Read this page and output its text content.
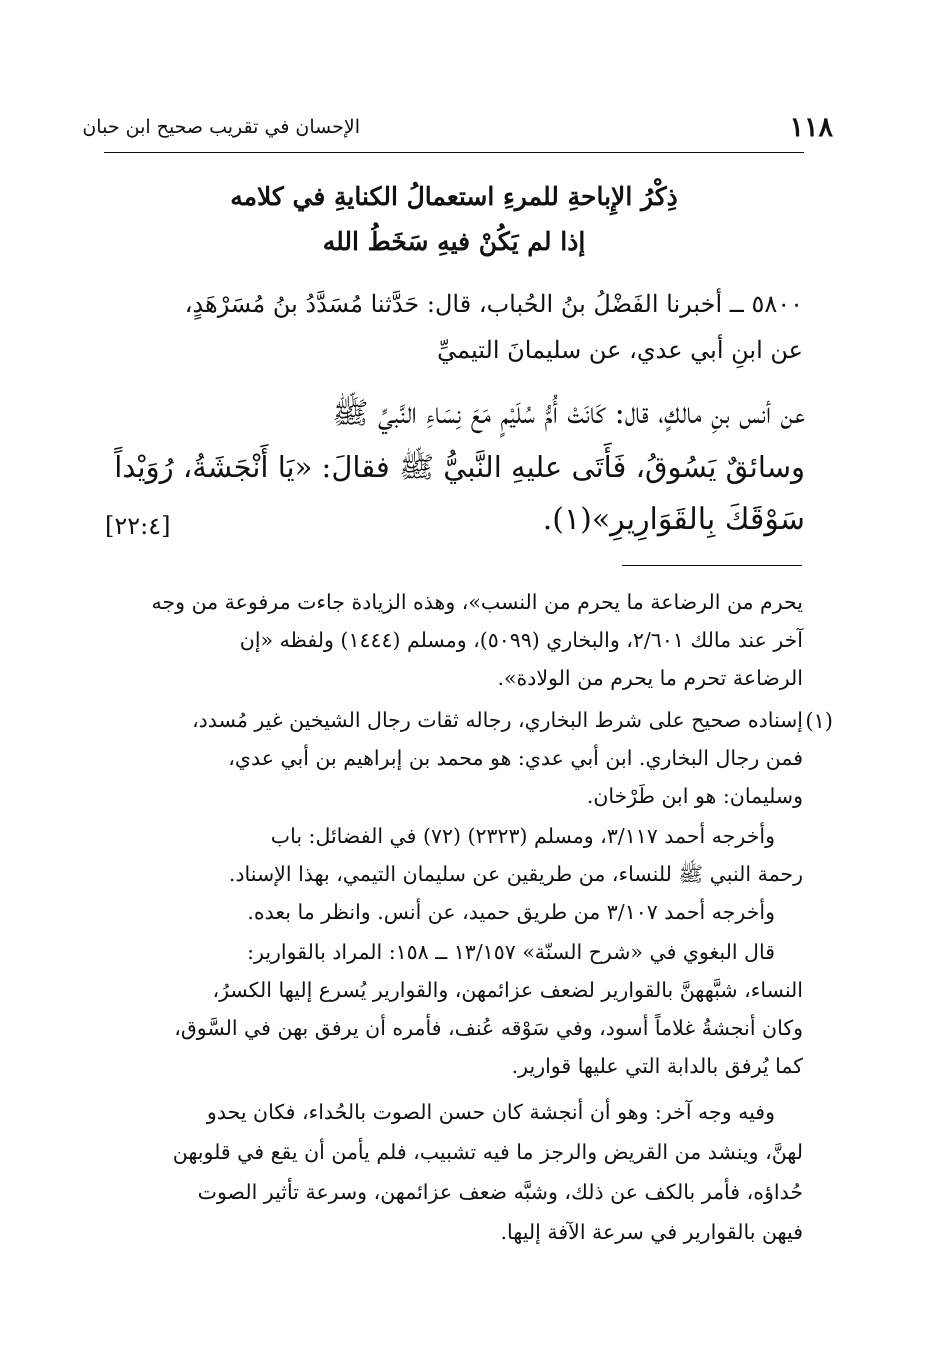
الإحسان في تقريب صحيح ابن حبان	١١٨
ذِكْرُ الإِباحةِ للمرءِ استعمالُ الكنايةِ في كلامه
إذا لم يَكُنْ فيهِ سَخَطُ الله
٥٨٠٠ ــ أخبرنا الفَضْلُ بنُ الحُباب، قال: حَدَّثنا مُسَدَّدُ بنُ مُسَرْهَدٍ،
عن ابنِ أبي عدي، عن سليمانَ التيميِّ
عن أنس بنِ مالكٍ، قال: كَانَتْ أُمُّ سُلَيْمٍ مَعَ نِسَاءِ النَّبيِّ ﷺ
وسائقٌ يَسُوقُ، فَأَتَى عليهِ النَّبيُّ ﷺ فقالَ: «يَا أَنْجَشَةُ، رُوَيْداً
سَوْقَكَ بِالقَوَارِيرِ»(١).
[٢٢:٤]
يحرم من الرضاعة ما يحرم من النسب»، وهذه الزيادة جاءت مرفوعة من وجه
آخر عند مالك ٢/٦٠١، والبخاري (٥٠٩٩)، ومسلم (١٤٤٤) ولفظه «إن
الرضاعة تحرم ما يحرم من الولادة».
(١)
إسناده صحيح على شرط البخاري، رجاله ثقات رجال الشيخين غير مُسدد،
فمن رجال البخاري. ابن أبي عدي: هو محمد بن إبراهيم بن أبي عدي،
وسليمان: هو ابن طَرْخان.
وأخرجه أحمد ٣/١١٧، ومسلم (٢٣٢٣) (٧٢) في الفضائل: باب
رحمة النبي ﷺ للنساء، من طريقين عن سليمان التيمي، بهذا الإسناد.
وأخرجه أحمد ٣/١٠٧ من طريق حميد، عن أنس. وانظر ما بعده.
قال البغوي في «شرح السنّة» ١٣/١٥٧ ــ ١٥٨: المراد بالقوارير:
النساء، شبَّههنَّ بالقوارير لضعف عزائمهن، والقوارير يُسرع إليها الكسرُ،
وكان أنجشةُ غلاماً أسود، وفي سَوْقه عُنف، فأمره أن يرفق بهن في السَّوق،
كما يُرفق بالدابة التي عليها قوارير.
وفيه وجه آخر: وهو أن أنجشة كان حسن الصوت بالحُداء، فكان يحدو
لهنَّ، وينشد من القريض والرجز ما فيه تشبيب، فلم يأمن أن يقع في قلوبهن
حُداؤه، فأمر بالكف عن ذلك، وشبَّه ضعف عزائمهن، وسرعة تأثير الصوت
فيهن بالقوارير في سرعة الآفة إليها.
